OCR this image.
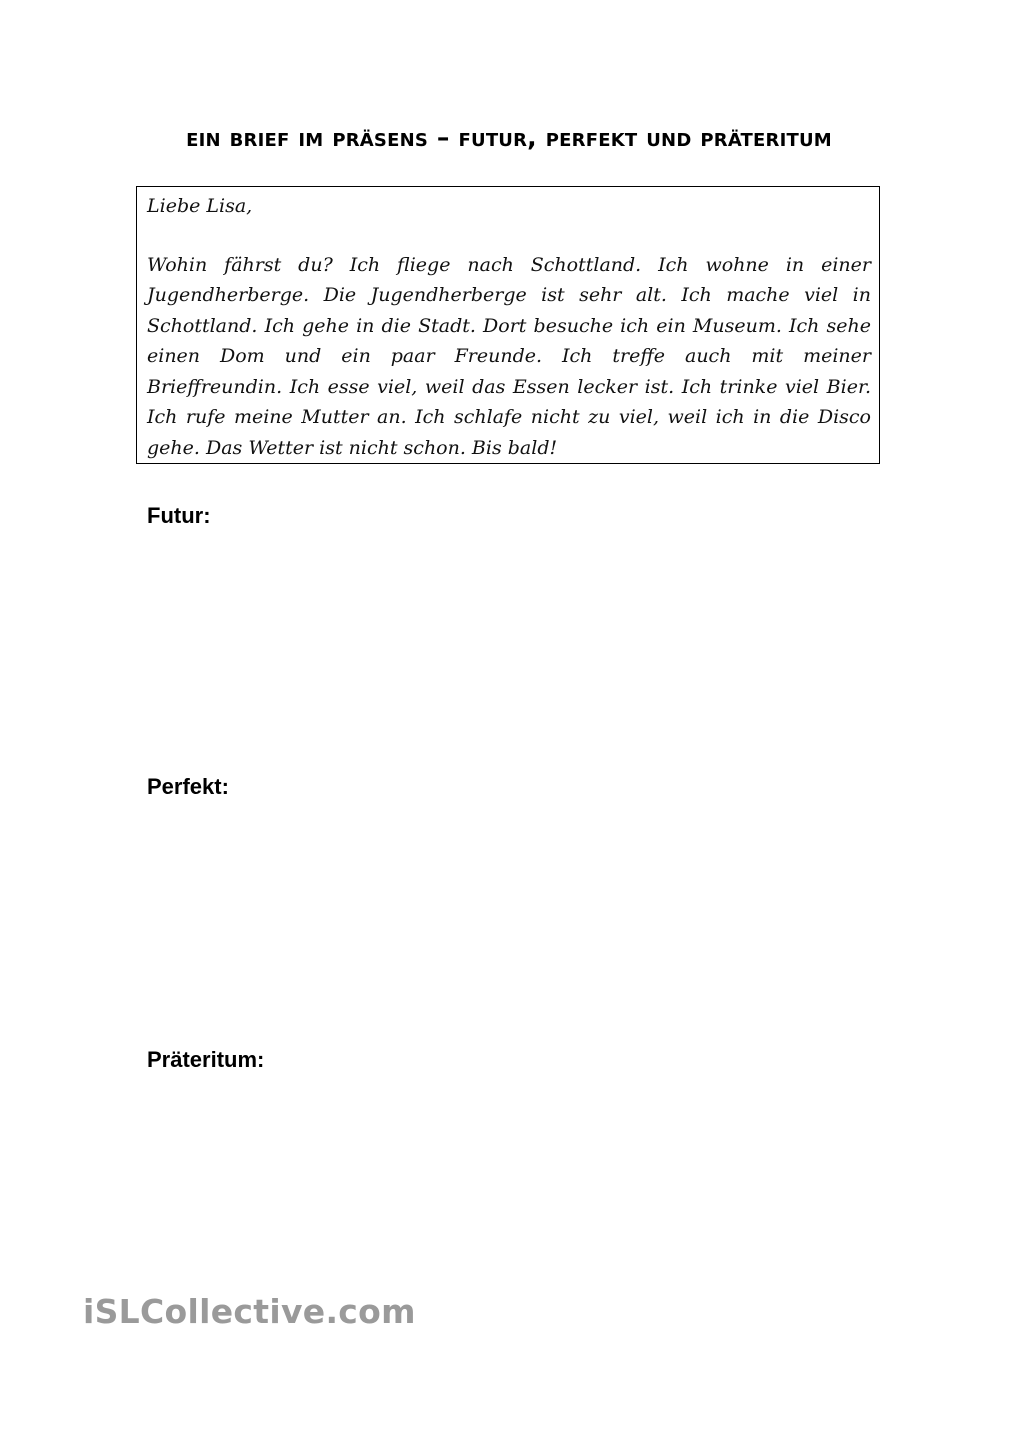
ein brief im präsens – futur, perfekt und präteritum

Liebe Lisa,

Wohin fährst du? Ich fliege nach Schottland. Ich wohne in einer Jugendherberge. Die Jugendherberge ist sehr alt. Ich mache viel in Schottland. Ich gehe in die Stadt. Dort besuche ich ein Museum. Ich sehe einen Dom und ein paar Freunde. Ich treffe auch mit meiner Brieffreundin. Ich esse viel, weil das Essen lecker ist. Ich trinke viel Bier. Ich rufe meine Mutter an. Ich schlafe nicht zu viel, weil ich in die Disco gehe. Das Wetter ist nicht schon. Bis bald!

Futur:
Perfekt:
Präteritum:
iSLCollective.com
